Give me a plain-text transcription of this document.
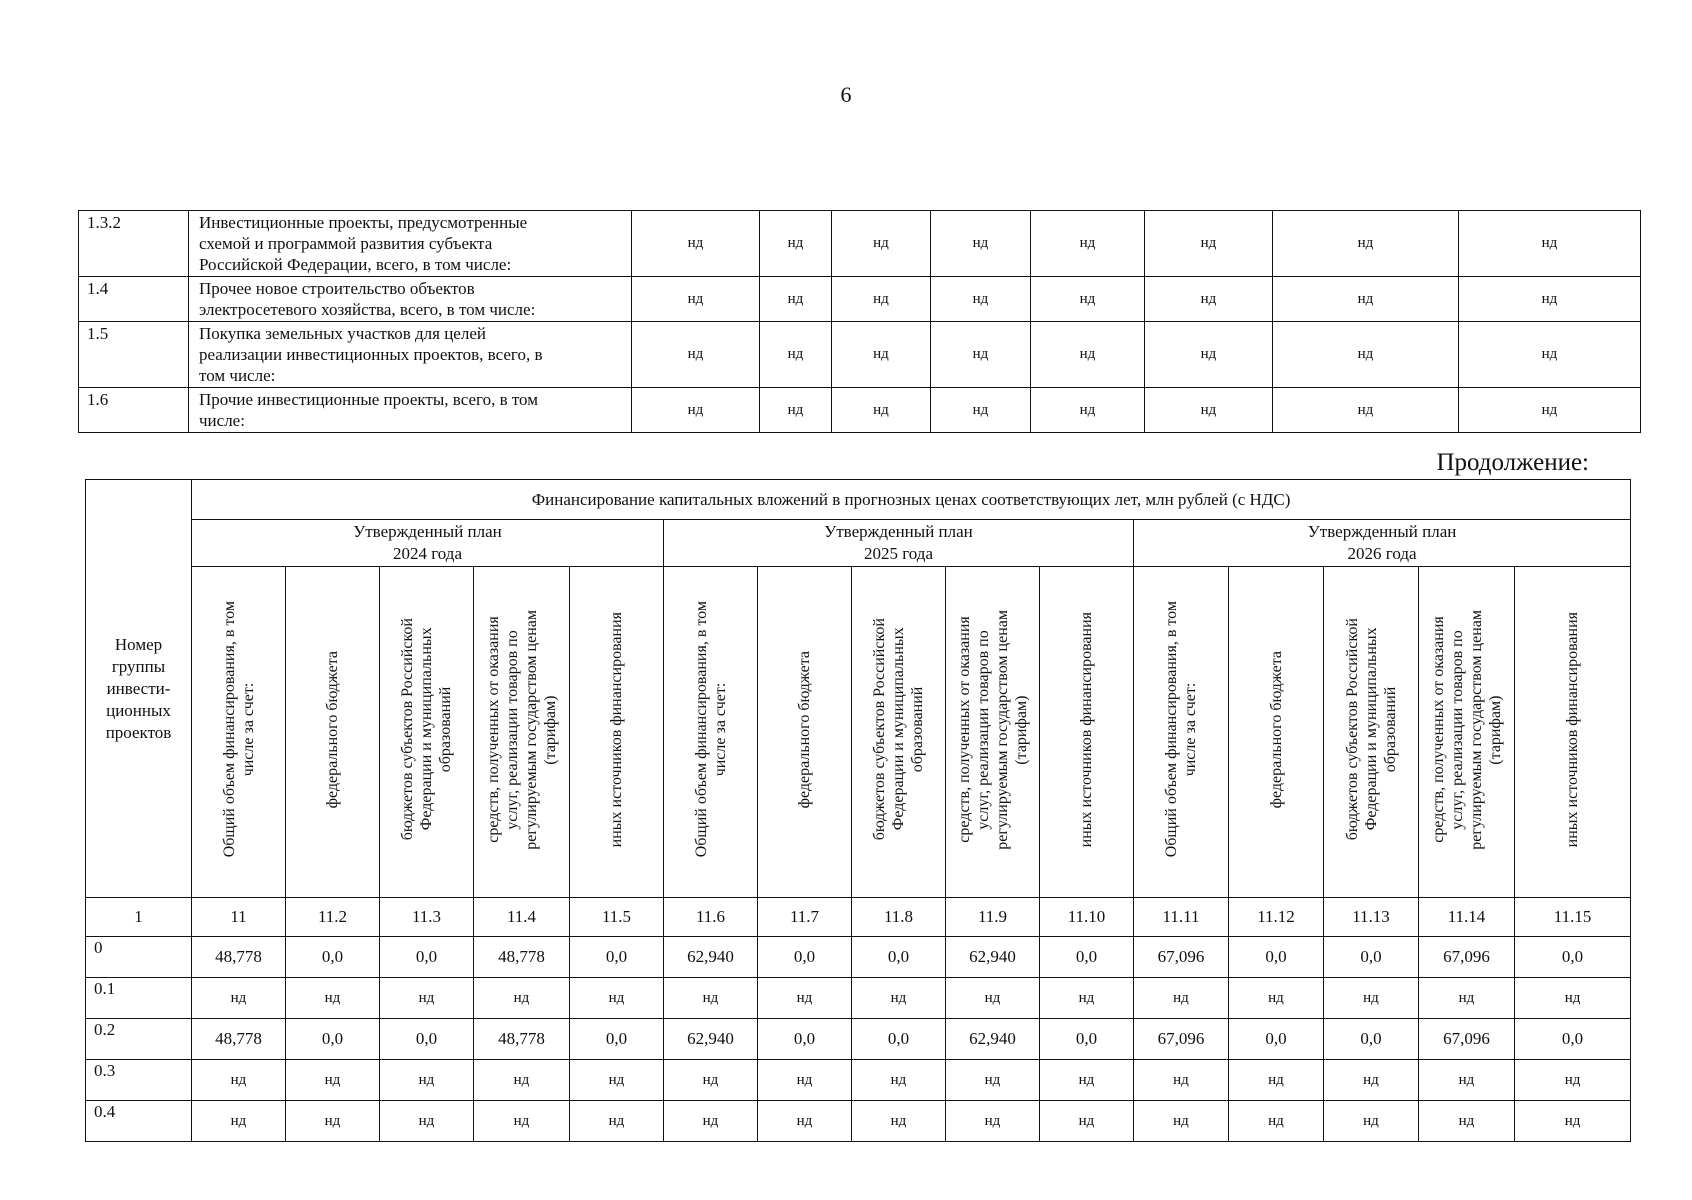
6
1.3.2	Инвестиционные проекты, предусмотренные
схемой и программой развития субъекта
Российской Федерации, всего, в том числе:	нд	нд	нд	нд	нд	нд	нд	нд
1.4	Прочее новое строительство объектов
электросетевого хозяйства, всего, в том числе:	нд	нд	нд	нд	нд	нд	нд	нд
1.5	Покупка земельных участков для целей
реализации инвестиционных проектов, всего, в
том числе:	нд	нд	нд	нд	нд	нд	нд	нд
1.6	Прочие инвестиционные проекты, всего, в том
числе:	нд	нд	нд	нд	нд	нд	нд	нд
Продолжение:
Номер
группы
инвести-
ционных
проектов	Финансирование капитальных вложений в прогнозных ценах соответствующих лет, млн рублей (с НДС)														
	Утвержденный план
2024 года					Утвержденный план
2025 года					Утвержденный план
2026 года				
	Общий объем финансирования, в том числе за счет:	федерального бюджета	бюджетов субъектов Российской Федерации и муниципальных образований	средств, полученных от оказания услуг, реализации товаров по регулируемым государством ценам (тарифам)	иных источников финансирования	Общий объем финансирования, в том числе за счет:	федерального бюджета	бюджетов субъектов Российской Федерации и муниципальных образований	средств, полученных от оказания услуг, реализации товаров по регулируемым государством ценам (тарифам)	иных источников финансирования	Общий объем финансирования, в том числе за счет:	федерального бюджета	бюджетов субъектов Российской Федерации и муниципальных образований	средств, полученных от оказания услуг, реализации товаров по регулируемым государством ценам (тарифам)	иных источников финансирования
1	11	11.2	11.3	11.4	11.5	11.6	11.7	11.8	11.9	11.10	11.11	11.12	11.13	11.14	11.15
0	48,778	0,0	0,0	48,778	0,0	62,940	0,0	0,0	62,940	0,0	67,096	0,0	0,0	67,096	0,0
0.1	нд	нд	нд	нд	нд	нд	нд	нд	нд	нд	нд	нд	нд	нд	нд
0.2	48,778	0,0	0,0	48,778	0,0	62,940	0,0	0,0	62,940	0,0	67,096	0,0	0,0	67,096	0,0
0.3	нд	нд	нд	нд	нд	нд	нд	нд	нд	нд	нд	нд	нд	нд	нд
0.4	нд	нд	нд	нд	нд	нд	нд	нд	нд	нд	нд	нд	нд	нд	нд
